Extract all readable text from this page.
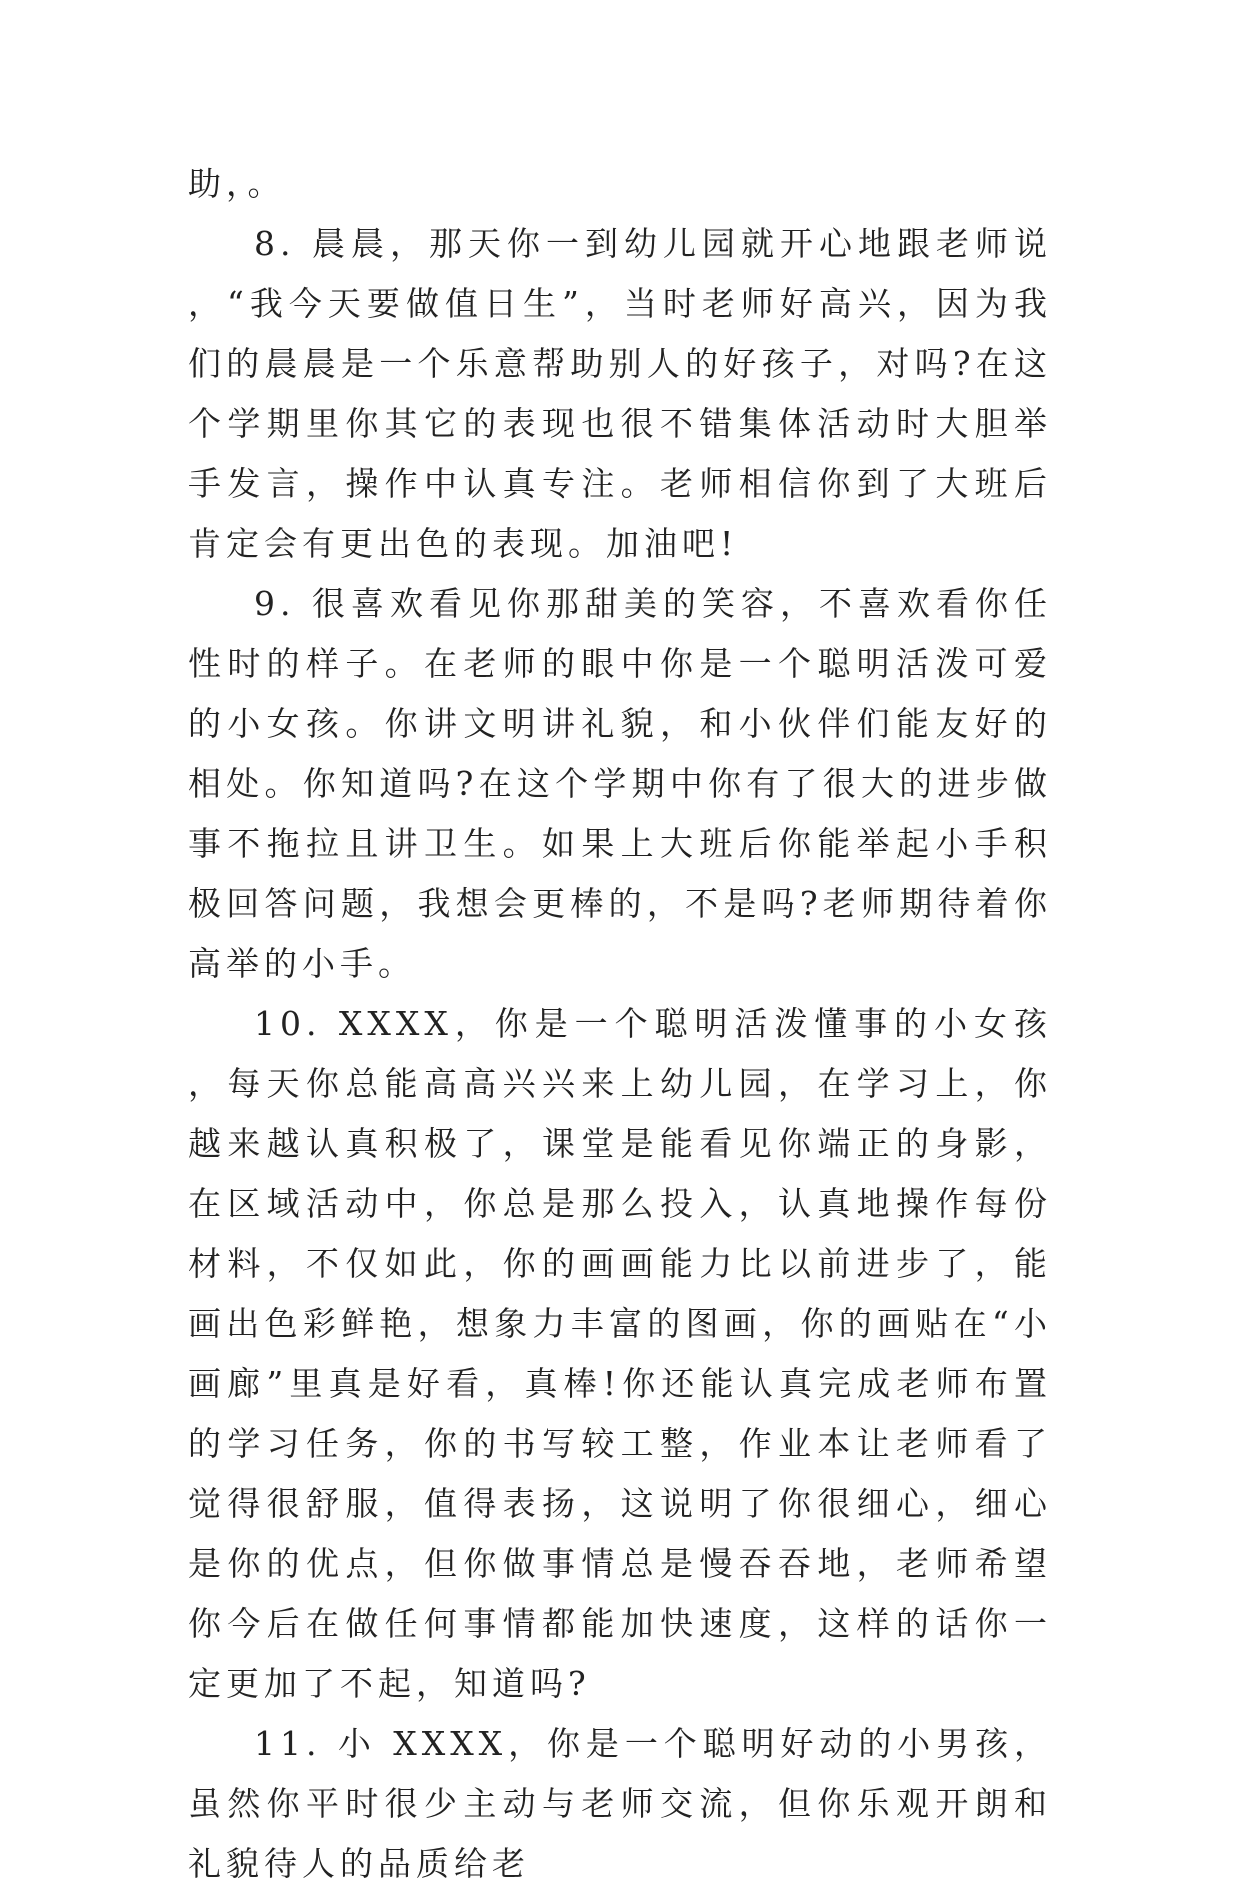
助，。

8. 晨晨，那天你一到幼儿园就开心地跟老师说，“我今天要做值日生”，当时老师好高兴，因为我们的晨晨是一个乐意帮助别人的好孩子，对吗?在这个学期里你其它的表现也很不错集体活动时大胆举手发言，操作中认真专注。老师相信你到了大班后肯定会有更出色的表现。加油吧!

9. 很喜欢看见你那甜美的笑容，不喜欢看你任性时的样子。在老师的眼中你是一个聪明活泼可爱的小女孩。你讲文明讲礼貌，和小伙伴们能友好的相处。你知道吗?在这个学期中你有了很大的进步做事不拖拉且讲卫生。如果上大班后你能举起小手积极回答问题，我想会更棒的，不是吗?老师期待着你高举的小手。

10. XXXX，你是一个聪明活泼懂事的小女孩，每天你总能高高兴兴来上幼儿园，在学习上，你越来越认真积极了，课堂是能看见你端正的身影，在区域活动中，你总是那么投入，认真地操作每份材料，不仅如此，你的画画能力比以前进步了，能画出色彩鲜艳，想象力丰富的图画，你的画贴在“小画廊”里真是好看，真棒!你还能认真完成老师布置的学习任务，你的书写较工整，作业本让老师看了觉得很舒服，值得表扬，这说明了你很细心，细心是你的优点，但你做事情总是慢吞吞地，老师希望你今后在做任何事情都能加快速度，这样的话你一定更加了不起，知道吗?

11. 小 XXXX，你是一个聪明好动的小男孩，虽然你平时很少主动与老师交流，但你乐观开朗和礼貌待人的品质给老
